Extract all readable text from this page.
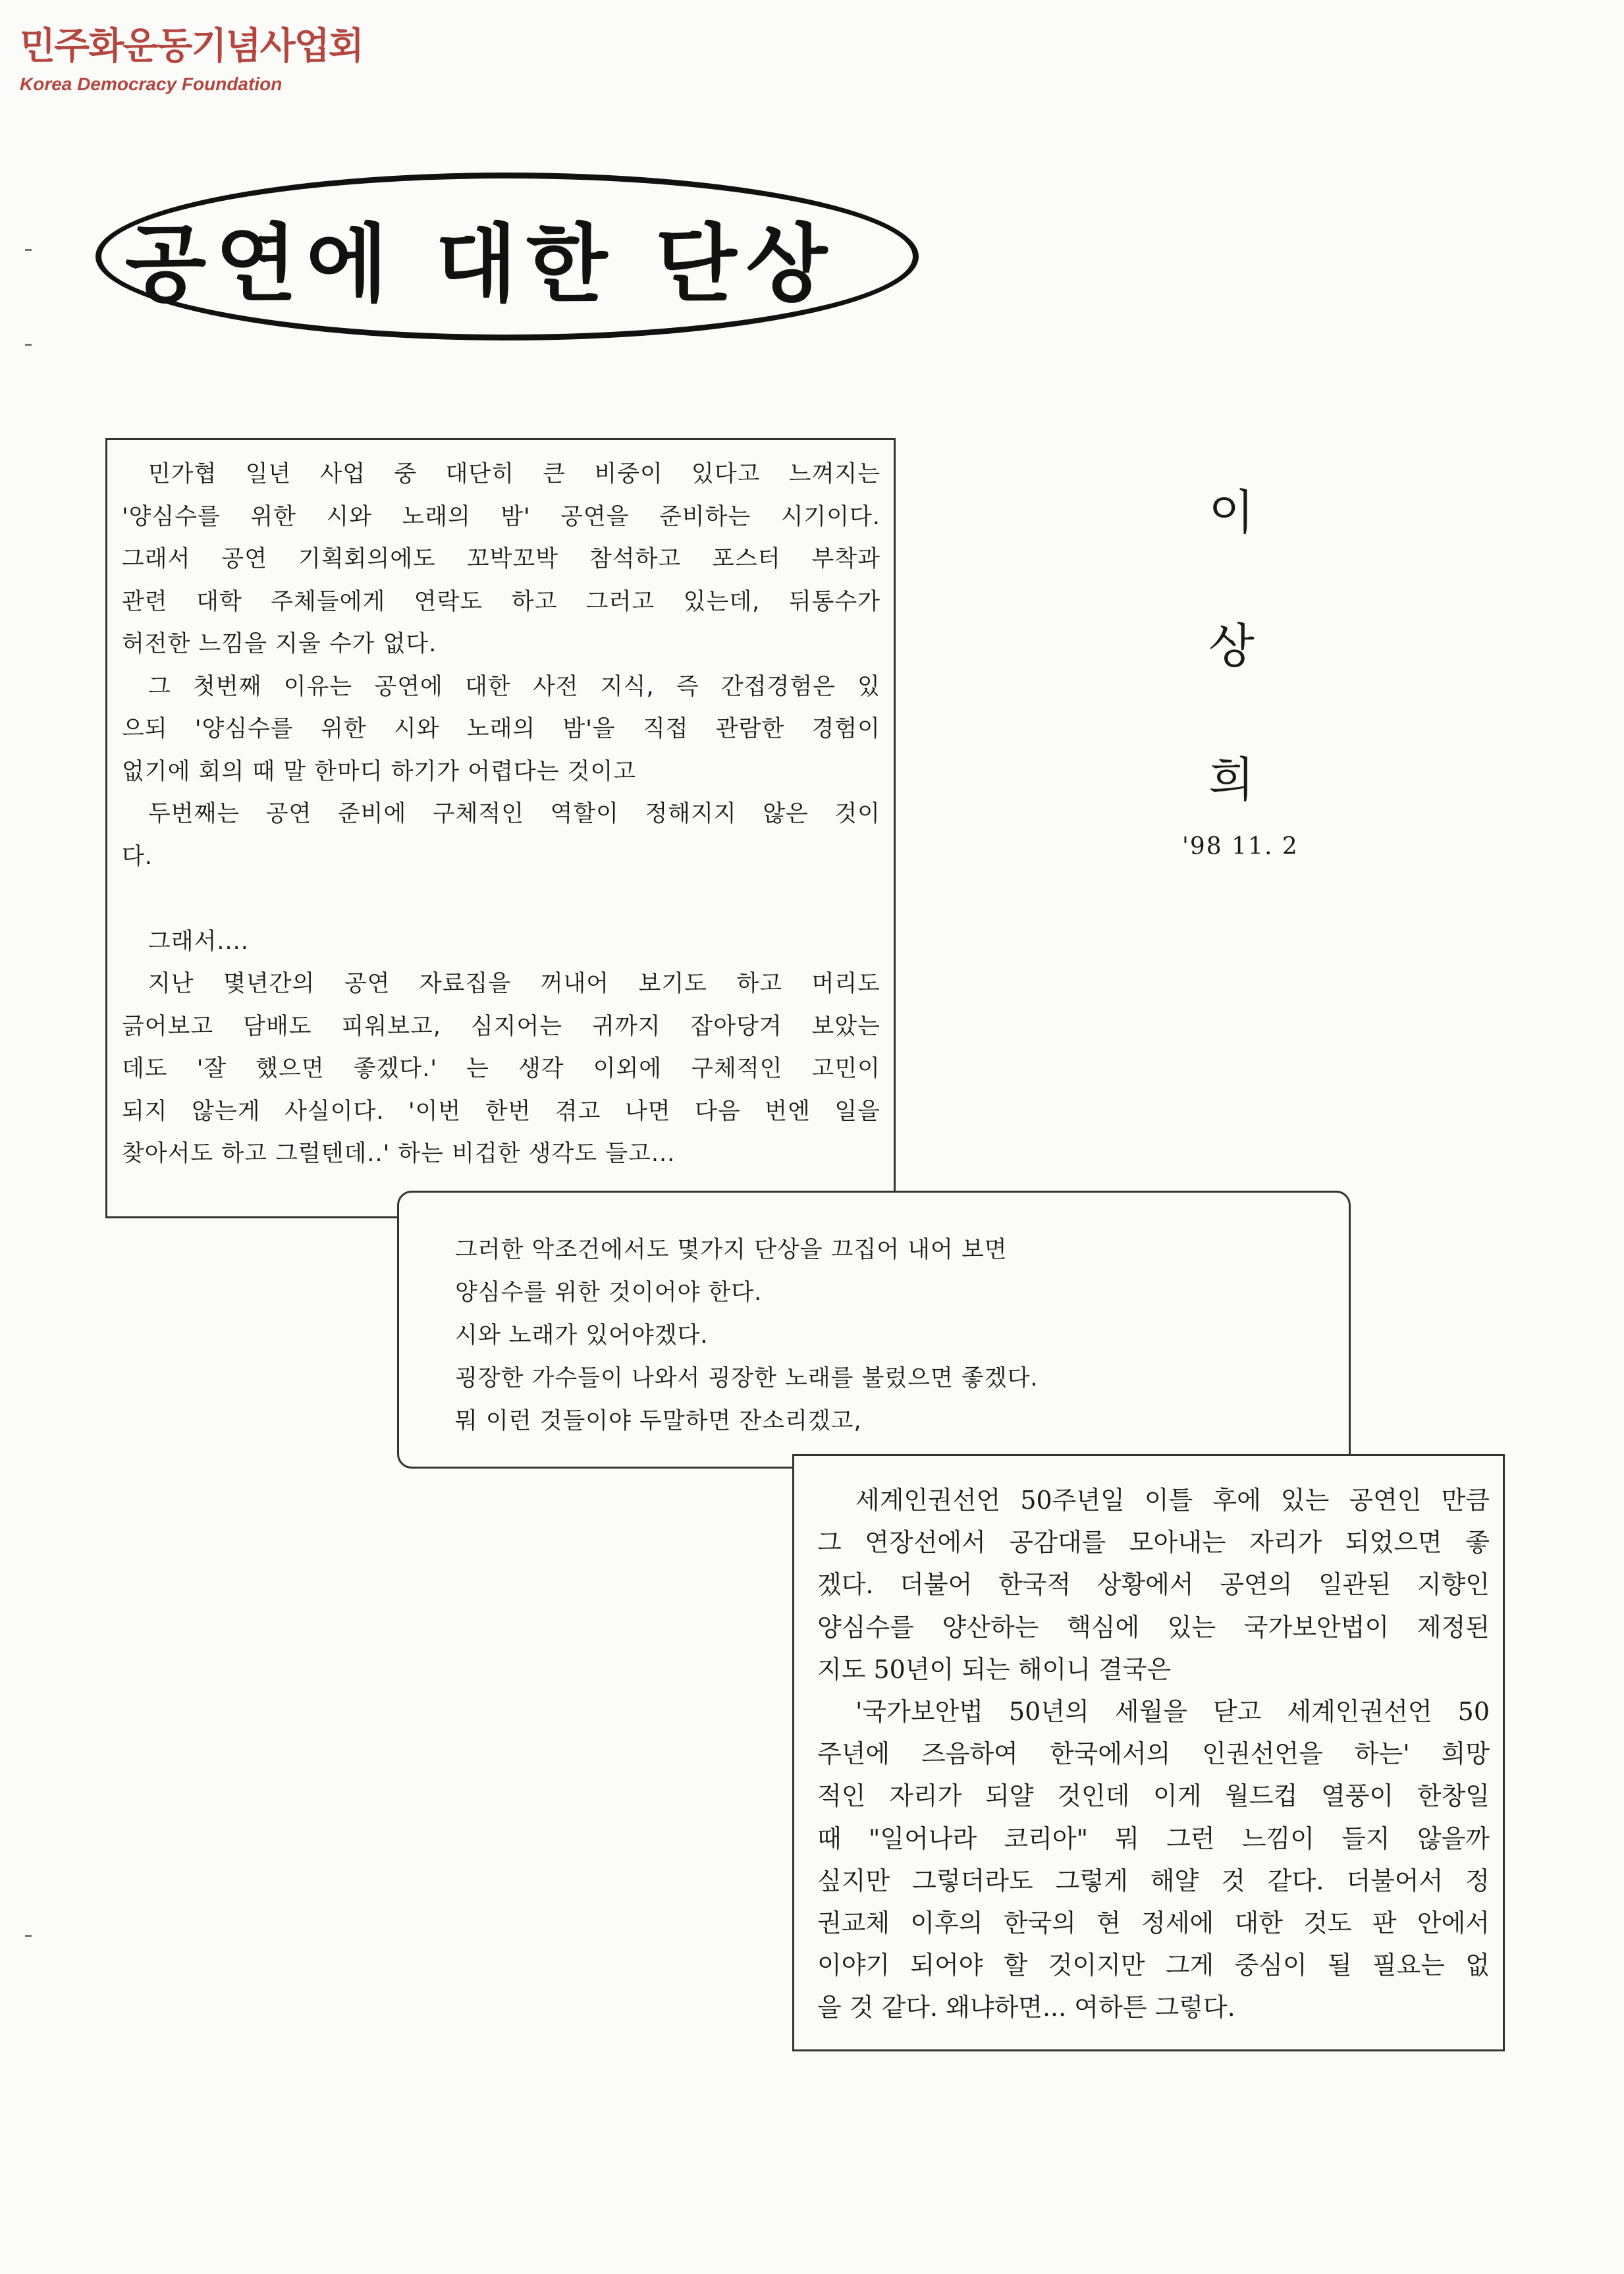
민주화운동기념사업회
Korea Democracy Foundation
공연에 대한 단상

민가협 일년 사업 중 대단히 큰 비중이 있다고 느껴지는

'양심수를 위한 시와 노래의 밤' 공연을 준비하는 시기이다.

그래서 공연 기획회의에도 꼬박꼬박 참석하고 포스터 부착과

관련 대학 주체들에게 연락도 하고 그러고 있는데, 뒤통수가

허전한 느낌을 지울 수가 없다.

그 첫번째 이유는 공연에 대한 사전 지식, 즉 간접경험은 있

으되 '양심수를 위한 시와 노래의 밤'을 직접 관람한 경험이

없기에 회의 때 말 한마디 하기가 어렵다는 것이고

두번째는 공연 준비에 구체적인 역할이 정해지지 않은 것이

다.

그래서....

지난 몇년간의 공연 자료집을 꺼내어 보기도 하고 머리도

긁어보고 담배도 피워보고, 심지어는 귀까지 잡아당겨 보았는

데도 '잘 했으면 좋겠다.' 는 생각 이외에 구체적인 고민이

되지 않는게 사실이다. '이번 한번 겪고 나면 다음 번엔 일을

찾아서도 하고 그럴텐데..' 하는 비겁한 생각도 들고...

이
상
희
'98 11. 2

그러한 악조건에서도 몇가지 단상을 끄집어 내어 보면

양심수를 위한 것이어야 한다.

시와 노래가 있어야겠다.

굉장한 가수들이 나와서 굉장한 노래를 불렀으면 좋겠다.

뭐 이런 것들이야 두말하면 잔소리겠고,

세계인권선언 50주년일 이틀 후에 있는 공연인 만큼

그 연장선에서 공감대를 모아내는 자리가 되었으면 좋

겠다. 더불어 한국적 상황에서 공연의 일관된 지향인

양심수를 양산하는 핵심에 있는 국가보안법이 제정된

지도 50년이 되는 해이니 결국은

'국가보안법 50년의 세월을 닫고 세계인권선언 50

주년에 즈음하여 한국에서의 인권선언을 하는' 희망

적인 자리가 되얄 것인데 이게 월드컵 열풍이 한창일

때 "일어나라 코리아" 뭐 그런 느낌이 들지 않을까

싶지만 그렇더라도 그렇게 해얄 것 같다. 더불어서 정

권교체 이후의 한국의 현 정세에 대한 것도 판 안에서

이야기 되어야 할 것이지만 그게 중심이 될 필요는 없

을 것 같다. 왜냐하면... 여하튼 그렇다.
